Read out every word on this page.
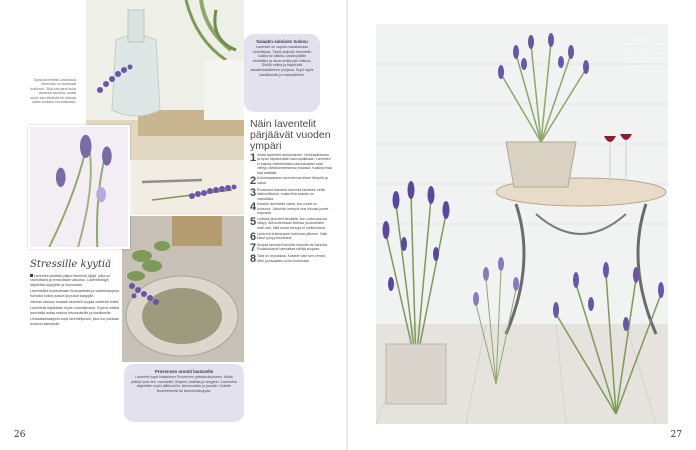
Tupsulaventeliä Lavandula stoechas on kookkaat kukinnot. Sillä saa aina kuka tahansa kauniita, mutta myös sen lehdistä tai oksista saatu tuoksuu hurmaavasti.
Salaatin suloinen tuoksu
Laventeli on sopiva maustamaan viinietikkaa. Täytä lasipullo laventelin kukilla tai oksilla, kaada päälle viinietikka ja anna seistä pari viikkoa. Siivilöi etikka ja käytä sitä salaatinkastikkeen pohjana. Sopii myös kastikkeisiin ja marinadeihin.
Näin laventelit pärjäävät vuoden ympäri
1 Istuta laventelit aurinkoiseen, hiekkapitoiseen ja hyvin läpäisevään kasvupaikkaan. Laventeli ei kaipaa ravinteikasta kasvualustaa vaan viihtyy vähäravinteisessa maassa. Kalkkia maa saa sisältää.
2 Kukoistaakseen laventeli tarvitsee lämpöä ja valoa.
3 Ruukussa kasvava laventeli tarvitsee vettä säännöllisesti, mutta liika kastelu on vaarallista.
4 Kastele laventelia vasta, kun multa on kuivunut. Jalkoihin kertyvä vesi tuhoaa juuret nopeasti.
5 Leikkaa laventeli keväällä, kun uutta kasvua näkyy. Älä kuitenkaan leikkaa puutuneisiin osiin asti, sillä uusia versoja ei sieltä kasva.
6 Lyhennä kukkavarret kukinnan jälkeen. Näin kasvi pysyy tuuheana.
7 Suojaa laventeli talveksi havuilla tai harsolla. Ruukkukasvit kannattaa siirtää suojaan.
8 Talvi on lepoaikaa. Kastele vain sen verran, ettei juuripaakku kuivu kokonaan.
Stressille kyytiä

Laventeli sisältää paljon eteerisiä öljyjä, joilla on rauhoittava ja rentouttava vaikutus. Laventeliöljyä käytetään kylpyihin ja hierontaan.

Laventelilla tuoksutetaan liinavaatteita ja vaatekaappeja. Kuivatut kukat pussiin ja pussit kaappiin.

Vanhan kansan mukaan laventeli suojaa vaatteita koilta.

Laventelia käytetään myös ruoanlaitossa. Sopiva määrä laventelia antaa makua leivonnaisille ja kastikkeille.

Liinavaatekaappiin sopii laventelipussi, joka tuo puhtaan tuoksun kankaisiin.

Provencen aromit lautaselle
Laventeli sopii klassiseen Provencen yrttisekoitukseen. Muita yrttejä ovat mm. rosmariini, timjami, basilika ja oregano. Laventelia käytetään myös jälkiruokiin, leivonnaisiin ja juomiin. Kokeile laventeliteetä tai laventelisiirappia.
26
Liuo Villiampeli Lou-tupsulaventeli sopii muiden mukana terassilla ruukkuun. Kesän aikana laventeli kukkii runsaasti, kunhan kuihtuneet kukinnot poistetaan säännöllisesti.
27
